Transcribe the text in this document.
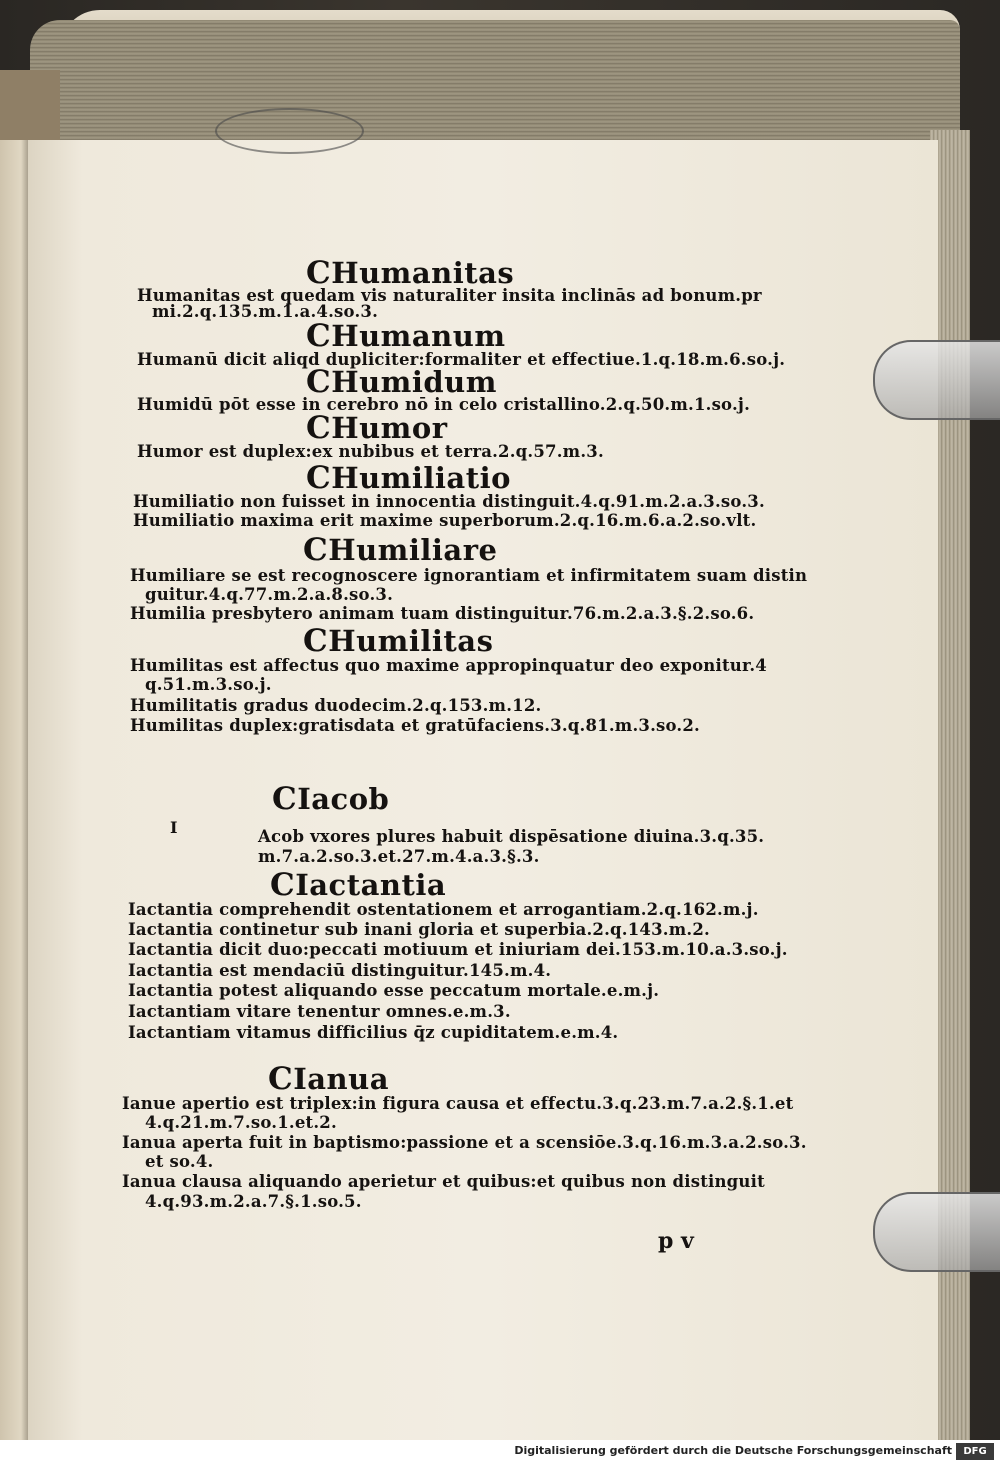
CHumanitas
Humanitas est quedam vis naturaliter insita inclinās ad bonum.pr
mi.2.q.135.m.1.a.4.so.3.
CHumanum
Humanū dicit aliqd dupliciter:formaliter et effectiue.1.q.18.m.6.so.j.
CHumidum
Humidū pōt esse in cerebro nō in celo cristallino.2.q.50.m.1.so.j.
CHumor
Humor est duplex:ex nubibus et terra.2.q.57.m.3.
CHumiliatio
Humiliatio non fuisset in innocentia distinguit.4.q.91.m.2.a.3.so.3.
Humiliatio maxima erit maxime superborum.2.q.16.m.6.a.2.so.vlt.
CHumiliare
Humiliare se est recognoscere ignorantiam et infirmitatem suam distin
guitur.4.q.77.m.2.a.8.so.3.
Humilia presbytero animam tuam distinguitur.76.m.2.a.3.§.2.so.6.
CHumilitas
Humilitas est affectus quo maxime appropinquatur deo exponitur.4
q.51.m.3.so.j.
Humilitatis gradus duodecim.2.q.153.m.12.
Humilitas duplex:gratisdata et gratūfaciens.3.q.81.m.3.so.2.
CIacob
I	Acob vxores plures habuit dispēsatione diuina.3.q.35.
m.7.a.2.so.3.et.27.m.4.a.3.§.3.
CIactantia
Iactantia comprehendit ostentationem et arrogantiam.2.q.162.m.j.
Iactantia continetur sub inani gloria et superbia.2.q.143.m.2.
Iactantia dicit duo:peccati motiuum et iniuriam dei.153.m.10.a.3.so.j.
Iactantia est mendaciū distinguitur.145.m.4.
Iactantia potest aliquando esse peccatum mortale.e.m.j.
Iactantiam vitare tenentur omnes.e.m.3.
Iactantiam vitamus difficilius q̄z cupiditatem.e.m.4.
CIanua
Ianue apertio est triplex:in figura causa et effectu.3.q.23.m.7.a.2.§.1.et
4.q.21.m.7.so.1.et.2.
Ianua aperta fuit in baptismo:passione et a scensiōe.3.q.16.m.3.a.2.so.3.
et so.4.
Ianua clausa aliquando aperietur et quibus:et quibus non distinguit
4.q.93.m.2.a.7.§.1.so.5.
p v
Digitalisierung gefördert durch die Deutsche Forschungsgemeinschaft	DFG
